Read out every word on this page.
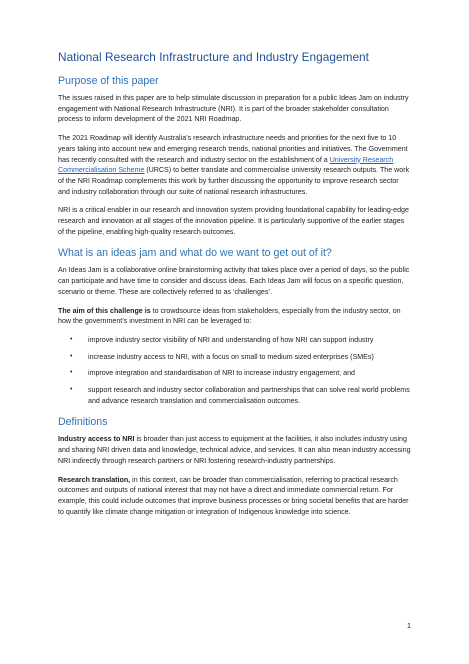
National Research Infrastructure and Industry Engagement
Purpose of this paper

The issues raised in this paper are to help stimulate discussion in preparation for a public Ideas Jam on industry engagement with National Research Infrastructure (NRI). It is part of the broader stakeholder consultation process to inform development of the 2021 NRI Roadmap.

The 2021 Roadmap will identify Australia’s research infrastructure needs and priorities for the next five to 10 years taking into account new and emerging research trends, national priorities and initiatives. The Government has recently consulted with the research and industry sector on the establishment of a University Research Commercialisation Scheme (URCS) to better translate and commercialise university research outputs. The work of the NRI Roadmap complements this work by further discussing the opportunity to improve research sector and industry collaboration through our suite of national research infrastructures.

NRI is a critical enabler in our research and innovation system providing foundational capability for leading-edge research and innovation at all stages of the innovation pipeline. It is particularly supportive of the earlier stages of the pipeline, enabling high-quality research outcomes.

What is an ideas jam and what do we want to get out of it?

An Ideas Jam is a collaborative online brainstorming activity that takes place over a period of days, so the public can participate and have time to consider and discuss ideas. Each Ideas Jam will focus on a specific question, scenario or theme. These are collectively referred to as ‘challenges’.

The aim of this challenge is to crowdsource ideas from stakeholders, especially from the industry sector, on how the government’s investment in NRI can be leveraged to:

• improve industry sector visibility of NRI and understanding of how NRI can support industry
• increase industry access to NRI, with a focus on small to medium sized enterprises (SMEs)
• improve integration and standardisation of NRI to increase industry engagement; and
• support research and industry sector collaboration and partnerships that can solve real world problems and advance research translation and commercialisation outcomes.
Definitions

Industry access to NRI is broader than just access to equipment at the facilities, it also includes industry using and sharing NRI driven data and knowledge, technical advice, and services. It can also mean industry accessing NRI indirectly through research partners or NRI fostering research-industry partnerships.

Research translation, in this context, can be broader than commercialisation, referring to practical research outcomes and outputs of national interest that may not have a direct and immediate commercial return. For example, this could include outcomes that improve business processes or bring societal benefits that are harder to quantify like climate change mitigation or integration of Indigenous knowledge into science.

1
